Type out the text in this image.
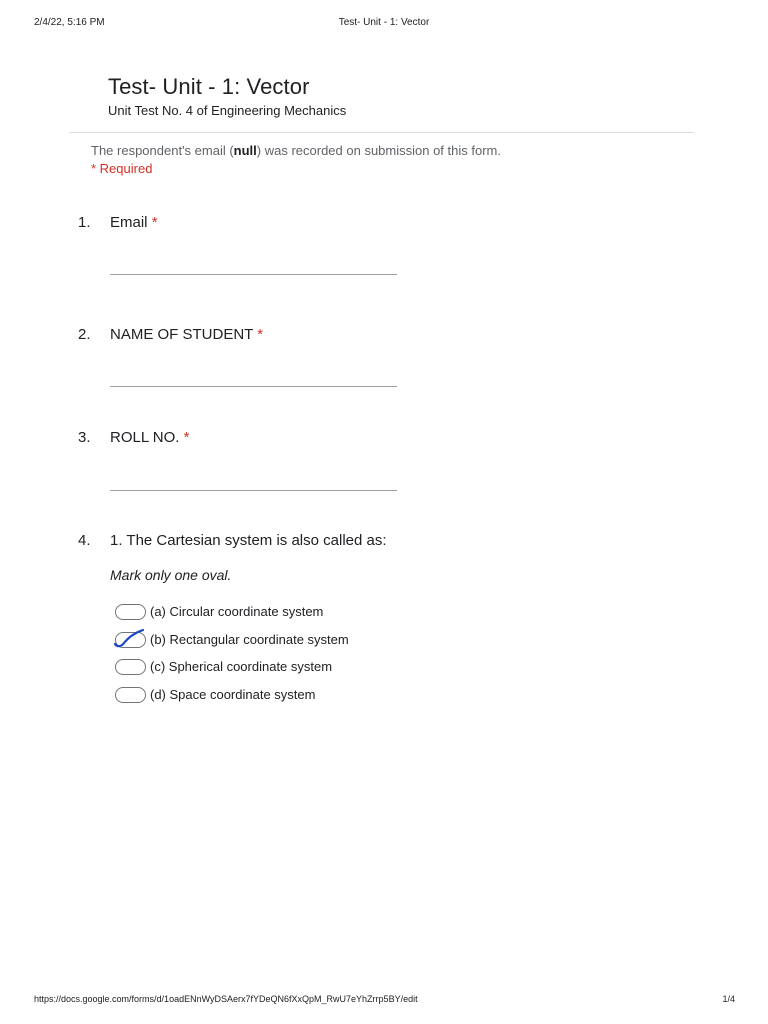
2/4/22, 5:16 PM	Test- Unit - 1: Vector
Test- Unit - 1: Vector
Unit Test No. 4 of Engineering Mechanics
The respondent's email (null) was recorded on submission of this form.
* Required
1. Email *
2. NAME OF STUDENT *
3. ROLL NO. *
4. 1. The Cartesian system is also called as:
Mark only one oval.
(a) Circular coordinate system
(b) Rectangular coordinate system
(c) Spherical coordinate system
(d) Space coordinate system
https://docs.google.com/forms/d/1oadENnWyDSAerx7fYDeQN6fXxQpM_RwU7eYhZrrp5BY/edit	1/4
